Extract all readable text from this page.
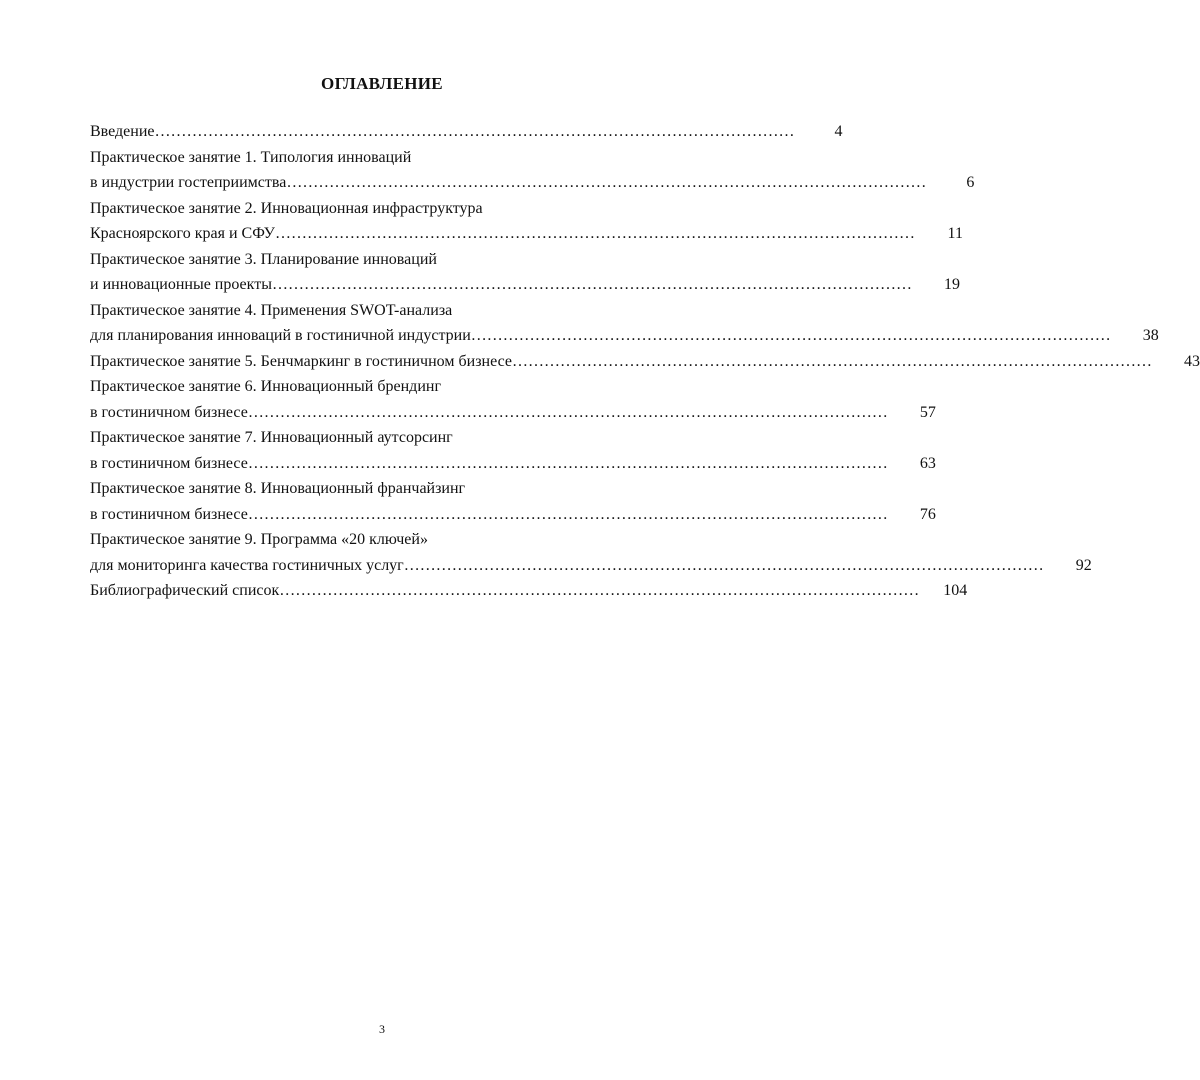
ОГЛАВЛЕНИЕ
Введение …………………………………………………………………………………………………………	4
Практическое занятие 1. Типология инноваций
в индустрии гостеприимства …………………………………………………………………………………………………………	6
Практическое занятие 2. Инновационная инфраструктура
Красноярского края и СФУ …………………………………………………………………………………………………………	11
Практическое занятие 3. Планирование инноваций
и инновационные проекты …………………………………………………………………………………………………………	19
Практическое занятие 4. Применения SWOT-анализа
для планирования инноваций в гостиничной индустрии …………………………………………………………………………………………………………	38
Практическое занятие 5. Бенчмаркинг в гостиничном бизнесе …………………………………………………………………………………………………………	43
Практическое занятие 6. Инновационный брендинг
в гостиничном бизнесе …………………………………………………………………………………………………………	57
Практическое занятие 7. Инновационный аутсорсинг
в гостиничном бизнесе …………………………………………………………………………………………………………	63
Практическое занятие 8. Инновационный франчайзинг
в гостиничном бизнесе …………………………………………………………………………………………………………	76
Практическое занятие 9. Программа «20 ключей»
для мониторинга качества гостиничных услуг …………………………………………………………………………………………………………	92
Библиографический список …………………………………………………………………………………………………………	104
3
